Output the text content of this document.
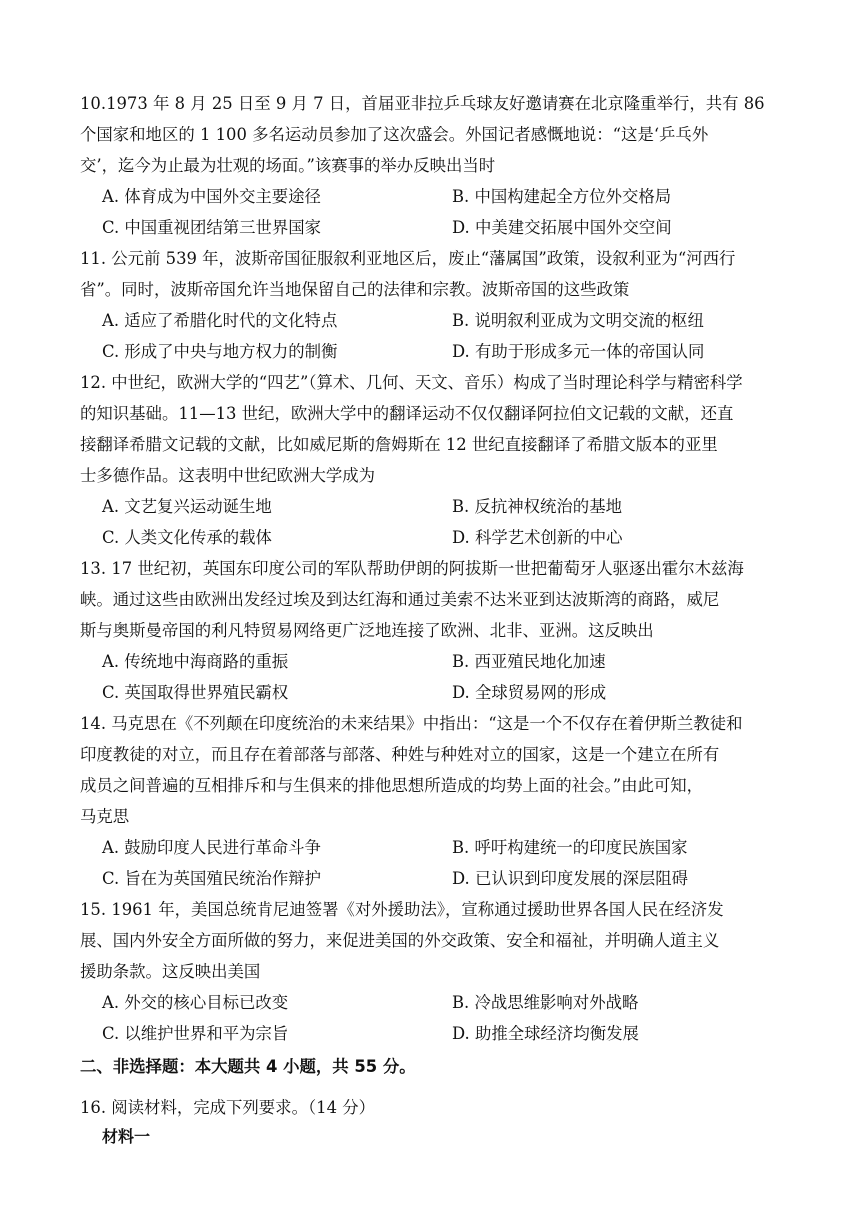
10.1973 年 8 月 25 日至 9 月 7 日，首届亚非拉乒乓球友好邀请赛在北京隆重举行，共有 86
个国家和地区的 1 100 多名运动员参加了这次盛会。外国记者感慨地说：“这是‘乒乓外
交’，迄今为止最为壮观的场面。”该赛事的举办反映出当时
A. 体育成为中国外交主要途径	B. 中国构建起全方位外交格局
C. 中国重视团结第三世界国家	D. 中美建交拓展中国外交空间
11. 公元前 539 年，波斯帝国征服叙利亚地区后，废止“藩属国”政策，设叙利亚为“河西行
省”。同时，波斯帝国允许当地保留自己的法律和宗教。波斯帝国的这些政策
A. 适应了希腊化时代的文化特点	B. 说明叙利亚成为文明交流的枢纽
C. 形成了中央与地方权力的制衡	D. 有助于形成多元一体的帝国认同
12. 中世纪，欧洲大学的“四艺”（算术、几何、天文、音乐）构成了当时理论科学与精密科学
的知识基础。11—13 世纪，欧洲大学中的翻译运动不仅仅翻译阿拉伯文记载的文献，还直
接翻译希腊文记载的文献，比如威尼斯的詹姆斯在 12 世纪直接翻译了希腊文版本的亚里
士多德作品。这表明中世纪欧洲大学成为
A. 文艺复兴运动诞生地	B. 反抗神权统治的基地
C. 人类文化传承的载体	D. 科学艺术创新的中心
13. 17 世纪初，英国东印度公司的军队帮助伊朗的阿拔斯一世把葡萄牙人驱逐出霍尔木兹海
峡。通过这些由欧洲出发经过埃及到达红海和通过美索不达米亚到达波斯湾的商路，威尼
斯与奥斯曼帝国的利凡特贸易网络更广泛地连接了欧洲、北非、亚洲。这反映出
A. 传统地中海商路的重振	B. 西亚殖民地化加速
C. 英国取得世界殖民霸权	D. 全球贸易网的形成
14. 马克思在《不列颠在印度统治的未来结果》中指出：“这是一个不仅存在着伊斯兰教徒和
印度教徒的对立，而且存在着部落与部落、种姓与种姓对立的国家，这是一个建立在所有
成员之间普遍的互相排斥和与生俱来的排他思想所造成的均势上面的社会。”由此可知，
马克思
A. 鼓励印度人民进行革命斗争	B. 呼吁构建统一的印度民族国家
C. 旨在为英国殖民统治作辩护	D. 已认识到印度发展的深层阻碍
15. 1961 年，美国总统肯尼迪签署《对外援助法》，宣称通过援助世界各国人民在经济发
展、国内外安全方面所做的努力，来促进美国的外交政策、安全和福祉，并明确人道主义
援助条款。这反映出美国
A. 外交的核心目标已改变	B. 冷战思维影响对外战略
C. 以维护世界和平为宗旨	D. 助推全球经济均衡发展
二、非选择题：本大题共 4 小题，共 55 分。
16. 阅读材料，完成下列要求。（14 分）
材料一
